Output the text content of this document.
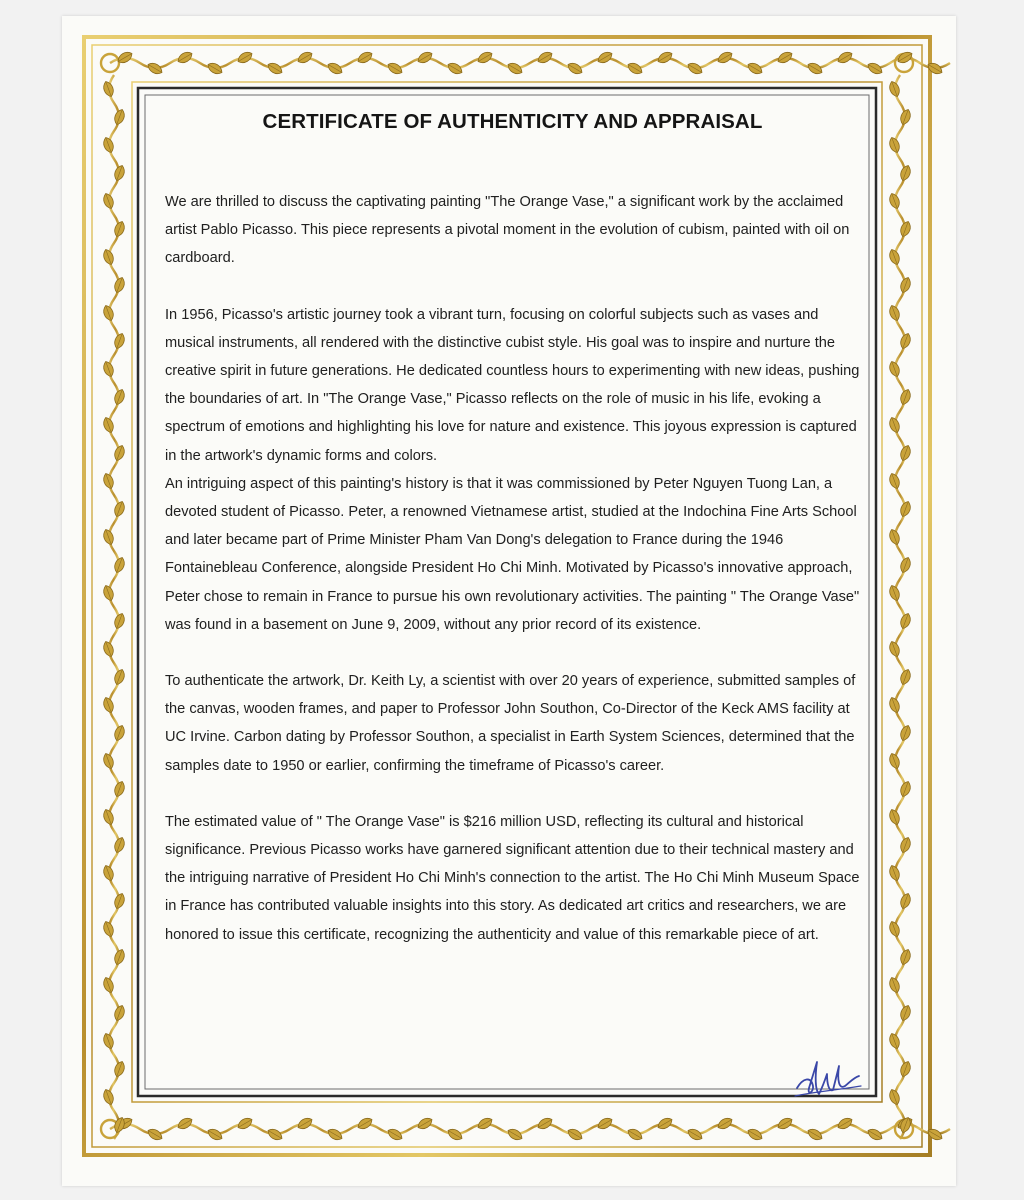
CERTIFICATE OF AUTHENTICITY AND APPRAISAL

We are thrilled to discuss the captivating painting "The Orange Vase," a significant work by the acclaimed artist Pablo Picasso. This piece represents a pivotal moment in the evolution of cubism, painted with oil on cardboard.

In 1956, Picasso's artistic journey took a vibrant turn, focusing on colorful subjects such as vases and musical instruments, all rendered with the distinctive cubist style. His goal was to inspire and nurture the creative spirit in future generations. He dedicated countless hours to experimenting with new ideas, pushing the boundaries of art. In "The Orange Vase," Picasso reflects on the role of music in his life, evoking a spectrum of emotions and highlighting his love for nature and existence. This joyous expression is captured in the artwork's dynamic forms and colors.

An intriguing aspect of this painting's history is that it was commissioned by Peter Nguyen Tuong Lan, a devoted student of Picasso. Peter, a renowned Vietnamese artist, studied at the Indochina Fine Arts School and later became part of Prime Minister Pham Van Dong's delegation to France during the 1946 Fontainebleau Conference, alongside President Ho Chi Minh. Motivated by Picasso's innovative approach, Peter chose to remain in France to pursue his own revolutionary activities. The painting " The Orange Vase" was found in a basement on June 9, 2009, without any prior record of its existence.

To authenticate the artwork, Dr. Keith Ly, a scientist with over 20 years of experience, submitted samples of the canvas, wooden frames, and paper to Professor John Southon, Co-Director of the Keck AMS facility at UC Irvine. Carbon dating by Professor Southon, a specialist in Earth System Sciences, determined that the samples date to 1950 or earlier, confirming the timeframe of Picasso's career.

The estimated value of " The Orange Vase" is $216 million USD, reflecting its cultural and historical significance. Previous Picasso works have garnered significant attention due to their technical mastery and the intriguing narrative of President Ho Chi Minh's connection to the artist. The Ho Chi Minh Museum Space in France has contributed valuable insights into this story. As dedicated art critics and researchers, we are honored to issue this certificate, recognizing the authenticity and value of this remarkable piece of art.
